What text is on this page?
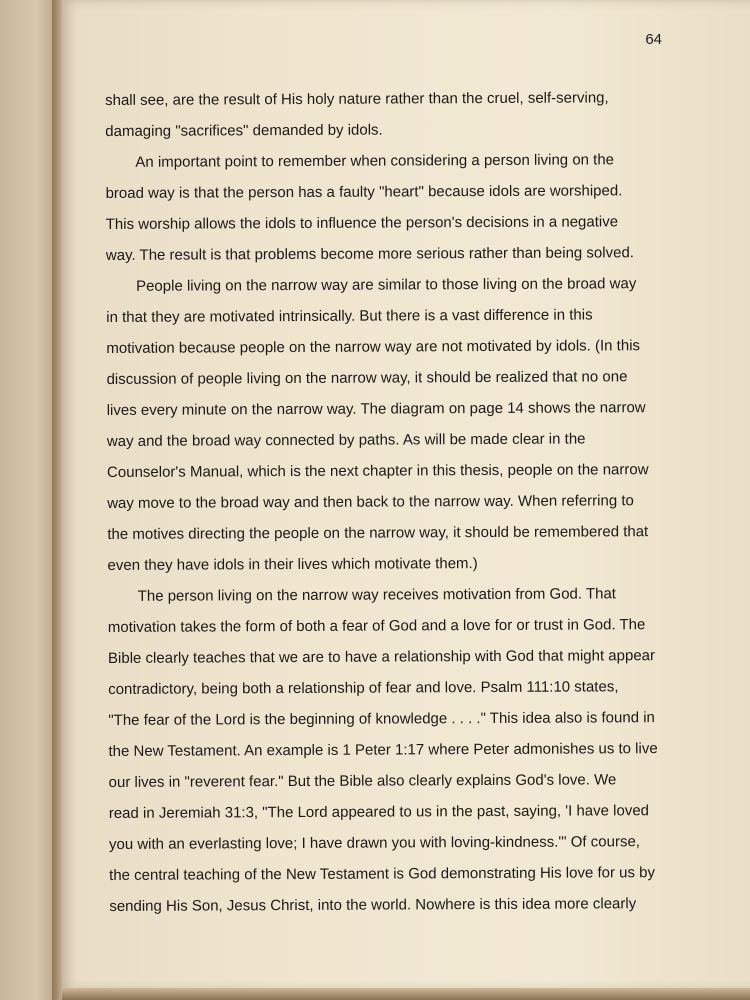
64
shall see, are the result of His holy nature rather than the cruel, self-serving,
damaging "sacrifices" demanded by idols.
An important point to remember when considering a person living on the
broad way is that the person has a faulty "heart" because idols are worshiped.
This worship allows the idols to influence the person's decisions in a negative
way. The result is that problems become more serious rather than being solved.
People living on the narrow way are similar to those living on the broad way
in that they are motivated intrinsically. But there is a vast difference in this
motivation because people on the narrow way are not motivated by idols. (In this
discussion of people living on the narrow way, it should be realized that no one
lives every minute on the narrow way. The diagram on page 14 shows the narrow
way and the broad way connected by paths. As will be made clear in the
Counselor's Manual, which is the next chapter in this thesis, people on the narrow
way move to the broad way and then back to the narrow way. When referring to
the motives directing the people on the narrow way, it should be remembered that
even they have idols in their lives which motivate them.)
The person living on the narrow way receives motivation from God. That
motivation takes the form of both a fear of God and a love for or trust in God. The
Bible clearly teaches that we are to have a relationship with God that might appear
contradictory, being both a relationship of fear and love. Psalm 111:10 states,
"The fear of the Lord is the beginning of knowledge . . . ." This idea also is found in
the New Testament. An example is 1 Peter 1:17 where Peter admonishes us to live
our lives in "reverent fear." But the Bible also clearly explains God's love. We
read in Jeremiah 31:3, "The Lord appeared to us in the past, saying, 'I have loved
you with an everlasting love; I have drawn you with loving-kindness.'" Of course,
the central teaching of the New Testament is God demonstrating His love for us by
sending His Son, Jesus Christ, into the world. Nowhere is this idea more clearly
